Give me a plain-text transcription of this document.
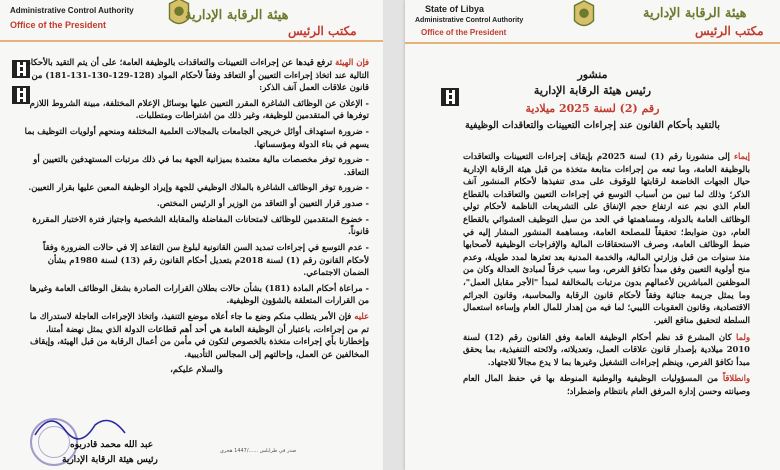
Administrative Control Authority
Office of the President
هيئة الرقابة الإدارية
مكتب الرئيس

فإن الهيئة ترفع قيدها عن إجراءات التعيينات والتعاقدات بالوظيفة العامة؛ على أن يتم التقيد بالأحكام التالية عند اتخاذ إجراءات التعيين أو التعاقد وفقاً لأحكام المواد (128-129-130-131-181) من قانون علاقات العمل آنف الذكر:

- الإعلان عن الوظائف الشاغرة المقرر التعيين عليها بوسائل الإعلام المختلفة، مبينة الشروط اللازم توفرها في المتقدمين للوظيفة، وغير ذلك من اشتراطات ومتطلبات.

- ضرورة استهداف أوائل خريجي الجامعات بالمجالات العلمية المختلفة ومنحهم أولويات التوظيف بما يسهم في بناء الدولة ومؤسساتها.

- ضرورة توفر مخصصات مالية معتمدة بميزانية الجهة بما في ذلك مرتبات المستهدفين بالتعيين أو التعاقد.

- ضرورة توفر الوظائف الشاغرة بالملاك الوظيفي للجهة وإيراد الوظيفة المعين عليها بقرار التعيين.

- صدور قرار التعيين أو التعاقد من الوزير أو الرئيس المختص.

- خضوع المتقدمين للوظائف لامتحانات المفاضلة والمقابلة الشخصية واجتياز فترة الاختبار المقررة قانوناً.

- عدم التوسع في إجراءات تمديد السن القانونية لبلوغ سن التقاعد إلا في حالات الضرورة وفقاً لأحكام القانون رقم (1) لسنة 2018م بتعديل أحكام القانون رقم (13) لسنة 1980م بشأن الضمان الاجتماعي.

- مراعاة أحكام المادة (181) بشأن حالات بطلان القرارات الصادرة بشغل الوظائف العامة وغيرها من القرارات المتعلقة بالشؤون الوظيفية.

عليه فإن الأمر يتطلب منكم وضع ما جاء أعلاه موضع التنفيذ، واتخاذ الإجراءات العاجلة لاستدراك ما تم من إجراءات، باعتبار أن الوظيفة العامة هي أحد أهم قطاعات الدولة الذي يمثل نهضة أمتنا، وإخطارنا بأي إجراءات متخذة بالخصوص لتكون في مأمن من أعمال الرقابة من قبل الهيئة، وإيقاف المخالفين عن العمل، وإحالتهم إلى المجالس التأديبية.

والسلام عليكم،

عبد الله محمد قادربوه
رئيس هيئة الرقابة الإدارية
صدر في طرابلس ....../1447 هجري
State of Libya
Administrative Control Authority
Office of the President
هيئة الرقابة الإدارية
مكتب الرئيس
منشور
رئيس هيئة الرقابة الإدارية
رقم (2) لسنة 2025 ميلادية
بالتقيد بأحكام القانون عند إجراءات التعيينات والتعاقدات الوظيفية

إيماء إلى منشورنا رقم (1) لسنة 2025م بإيقاف إجراءات التعيينات والتعاقدات بالوظيفة العامة، وما تبعه من إجراءات متابعة متخذة من قبل هيئة الرقابة الإدارية حيال الجهات الخاضعة لرقابتها للوقوف على مدى تنفيذها لأحكام المنشور آنف الذكر؛ وذلك لما تبين من أسباب التوسع في إجراءات التعيين والتعاقدات بالقطاع العام الذي نجم عنه ارتفاع حجم الإنفاق على التشريعات الناظمة لأحكام تولي الوظائف العامة بالدولة، ومساهمتها في الحد من سيل التوظيف العشوائي بالقطاع العام، دون ضوابط؛ تحقيقاً للمصلحة العامة، ومساهمة المنشور المشار إليه في ضبط الوظائف العامة، وصرف الاستحقاقات المالية والإفراجات الوظيفية لأصحابها منذ سنوات من قبل وزارتي المالية، والخدمة المدنية بعد تعثرها لمدد طويلة، وعدم منح أولوية التعيين وفق مبدأ تكافؤ الفرص، وما سبب خرقاً لمبادئ العدالة وكان من الموظفين المباشرين لأعمالهم بدون مرتبات بالمخالفة لمبدأ "الأجر مقابل العمل"، وما يمثل جريمة جنائية وفقاً لأحكام قانون الرقابة والمحاسبة، وقانون الجرائم الاقتصادية، وقانون العقوبات الليبي؛ لما فيه من إهدار للمال العام وإساءة استعمال السلطة لتحقيق منافع الغير.

ولما كان المشرع قد نظم أحكام الوظيفة العامة وفق القانون رقم (12) لسنة 2010 ميلادية بإصدار قانون علاقات العمل، وتعديلاته، ولائحته التنفيذية، بما يحقق مبدأ تكافؤ الفرص، وينظم إجراءات التشغيل وغيرها بما لا يدع مجالاً للاجتهاد.

وانطلاقاً من المسؤوليات الوظيفية والوطنية المنوطة بها في حفظ المال العام وصيانته وحسن إدارة المرفق العام بانتظام واضطراد؛
